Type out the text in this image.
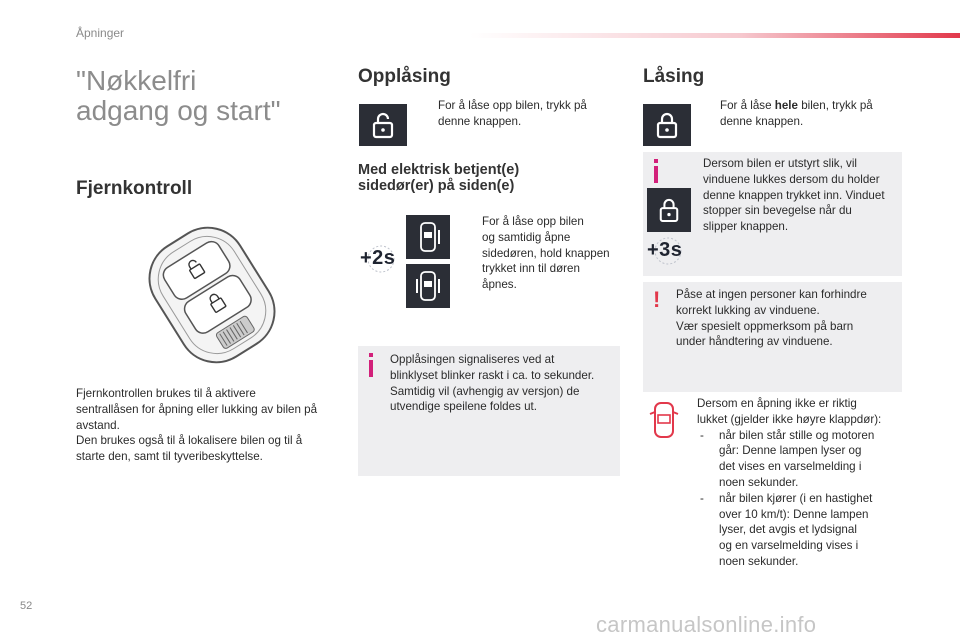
Åpninger
"Nøkkelfri
adgang og start"
Fjernkontroll
Fjernkontrollen brukes til å aktivere
sentrallåsen for åpning eller lukking av bilen på
avstand.
Den brukes også til å lokalisere bilen og til å
starte den, samt til tyveribeskyttelse.
Opplåsing
For å låse opp bilen, trykk på
denne knappen.
Med elektrisk betjent(e)
sidedør(er) på siden(e)
+2s
For å låse opp bilen
og samtidig åpne
sidedøren, hold knappen
trykket inn til døren
åpnes.
Opplåsingen signaliseres ved at
blinklyset blinker raskt i ca. to sekunder.
Samtidig vil (avhengig av versjon) de
utvendige speilene foldes ut.
Låsing
For å låse hele bilen, trykk på
denne knappen.
+3s
Dersom bilen er utstyrt slik, vil
vinduene lukkes dersom du holder
denne knappen trykket inn. Vinduet
stopper sin bevegelse når du
slipper knappen.
! Påse at ingen personer kan forhindre
korrekt lukking av vinduene.
Vær spesielt oppmerksom på barn
under håndtering av vinduene.
Dersom en åpning ikke er riktig
lukket (gjelder ikke høyre klappdør):
- når bilen står stille og motoren
går: Denne lampen lyser og
det vises en varselmelding i
noen sekunder.
- når bilen kjører (i en hastighet
over 10 km/t): Denne lampen
lyser, det avgis et lydsignal
og en varselmelding vises i
noen sekunder.
52
carmanualsonline.info
